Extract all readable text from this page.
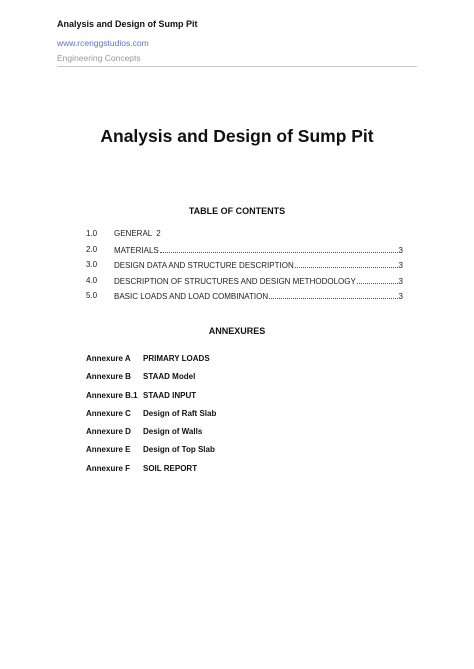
Analysis and Design of Sump Pit
www.rcenggstudios.com
Engineering Concepts
Analysis and Design of Sump Pit
TABLE OF CONTENTS
1.0 GENERAL 2
2.0 MATERIALS	3
3.0 DESIGN DATA AND STRUCTURE DESCRIPTION	3
4.0 DESCRIPTION OF STRUCTURES AND DESIGN METHODOLOGY	3
5.0 BASIC LOADS AND LOAD COMBINATION	3
ANNEXURES
Annexure A PRIMARY LOADS
Annexure B STAAD Model
Annexure B.1 STAAD INPUT
Annexure C Design of Raft Slab
Annexure D Design of Walls
Annexure E Design of Top Slab
Annexure F SOIL REPORT
